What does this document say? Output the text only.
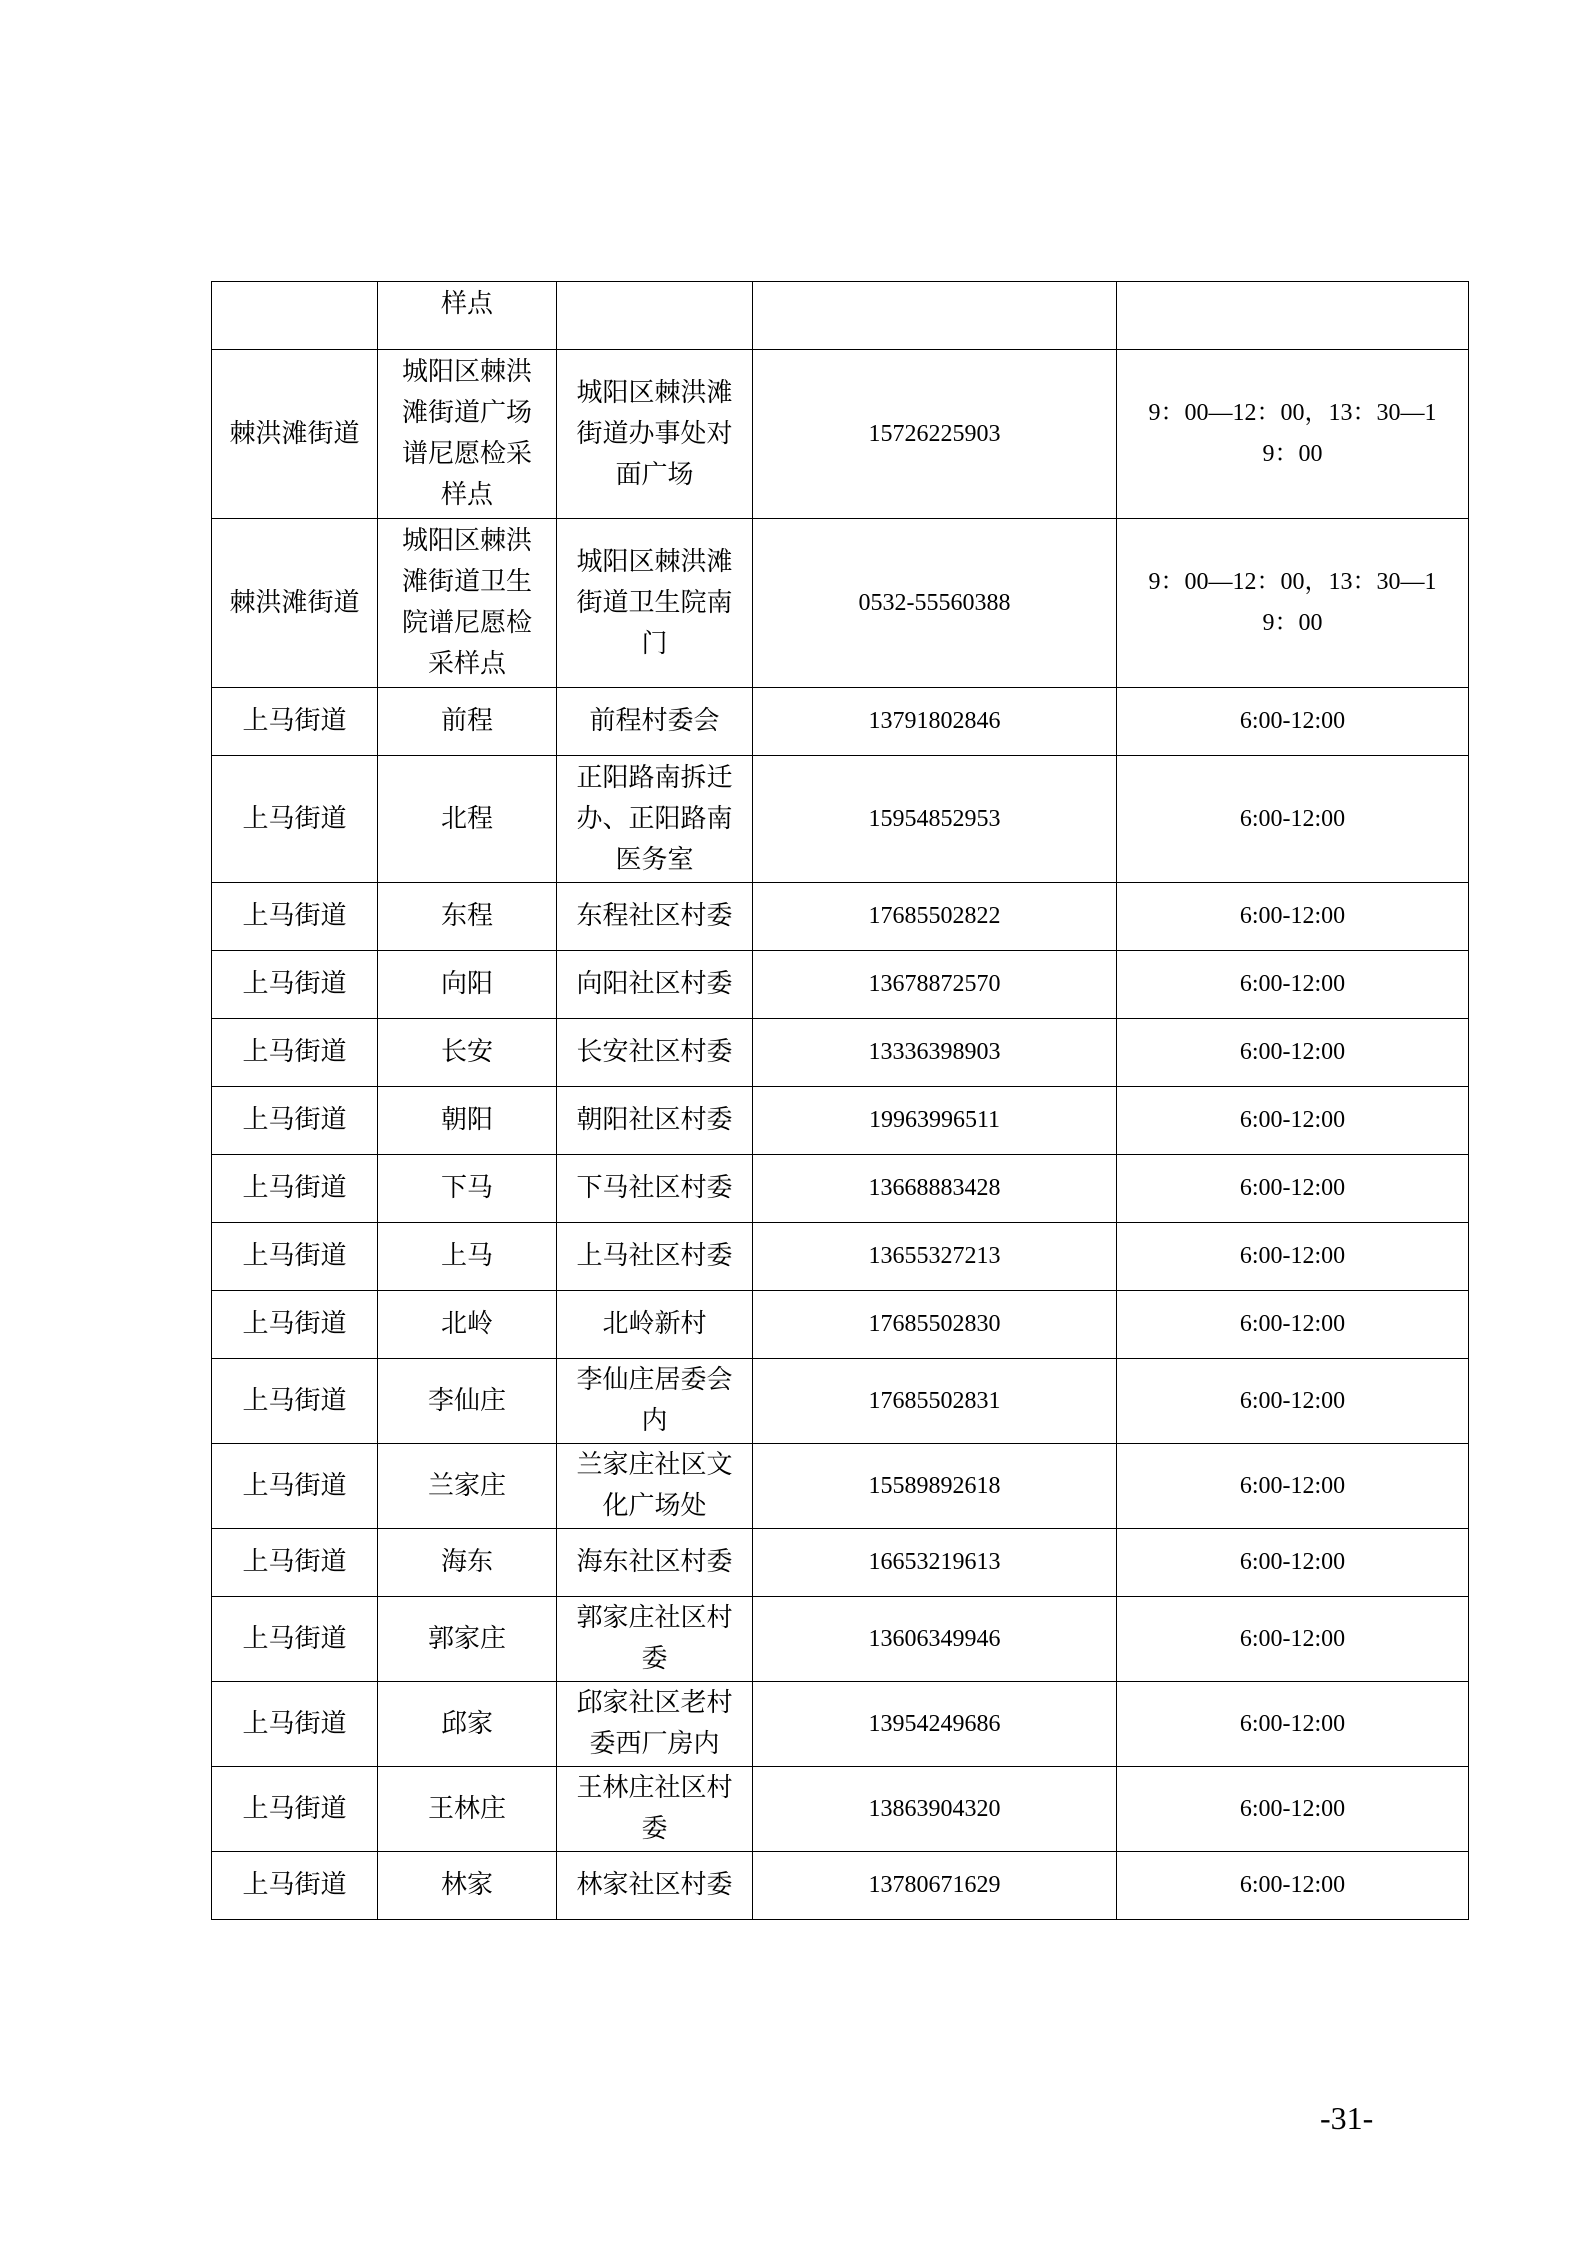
	样点			
棘洪滩街道	城阳区棘洪滩街道广场谱尼愿检采样点	城阳区棘洪滩街道办事处对面广场	15726225903	9：00—12：00，13：30—19：00
棘洪滩街道	城阳区棘洪滩街道卫生院谱尼愿检采样点	城阳区棘洪滩街道卫生院南门	0532-55560388	9：00—12：00，13：30—19：00
上马街道	前程	前程村委会	13791802846	6:00-12:00
上马街道	北程	正阳路南拆迁办、正阳路南医务室	15954852953	6:00-12:00
上马街道	东程	东程社区村委	17685502822	6:00-12:00
上马街道	向阳	向阳社区村委	13678872570	6:00-12:00
上马街道	长安	长安社区村委	13336398903	6:00-12:00
上马街道	朝阳	朝阳社区村委	19963996511	6:00-12:00
上马街道	下马	下马社区村委	13668883428	6:00-12:00
上马街道	上马	上马社区村委	13655327213	6:00-12:00
上马街道	北岭	北岭新村	17685502830	6:00-12:00
上马街道	李仙庄	李仙庄居委会内	17685502831	6:00-12:00
上马街道	兰家庄	兰家庄社区文化广场处	15589892618	6:00-12:00
上马街道	海东	海东社区村委	16653219613	6:00-12:00
上马街道	郭家庄	郭家庄社区村委	13606349946	6:00-12:00
上马街道	邱家	邱家社区老村委西厂房内	13954249686	6:00-12:00
上马街道	王林庄	王林庄社区村委	13863904320	6:00-12:00
上马街道	林家	林家社区村委	13780671629	6:00-12:00
-31-
